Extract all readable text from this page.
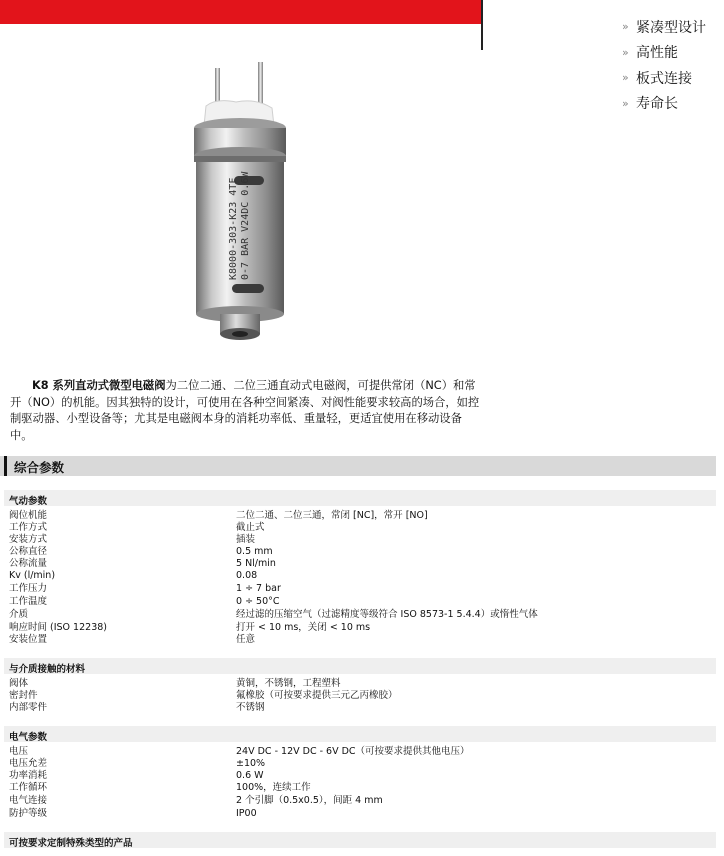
» 紧凑型设计
» 高性能
» 板式连接
» 寿命长
K8000-303-K23 4TF 0-7 BAR V24DC 0.6W
K8 系列直动式微型电磁阀为二位二通、二位三通直动式电磁阀，可提供常闭（NC）和常开（NO）的机能。因其独特的设计，可使用在各种空间紧凑、对阀性能要求较高的场合，如控制驱动器、小型设备等；尤其是电磁阀本身的消耗功率低、重量轻，更适宜使用在移动设备中。
综合参数
气动参数
阀位机能	二位二通、二位三通，常闭 [NC]，常开 [NO]
工作方式	截止式
安装方式	插装
公称直径	0.5 mm
公称流量	5 Nl/min
Kv (l/min)	0.08
工作压力	1 ÷ 7 bar
工作温度	0 ÷ 50°C
介质	经过滤的压缩空气（过滤精度等级符合 ISO 8573-1 5.4.4）或惰性气体
响应时间 (ISO 12238)	打开 < 10 ms，关闭 < 10 ms
安装位置	任意
与介质接触的材料
阀体	黄铜，不锈钢，工程塑料
密封件	氟橡胶（可按要求提供三元乙丙橡胶）
内部零件	不锈钢
电气参数
电压	24V DC - 12V DC - 6V DC（可按要求提供其他电压）
电压允差	±10%
功率消耗	0.6 W
工作循环	100%，连续工作
电气连接	2 个引脚（0.5x0.5），间距 4 mm
防护等级	IP00
可按要求定制特殊类型的产品
